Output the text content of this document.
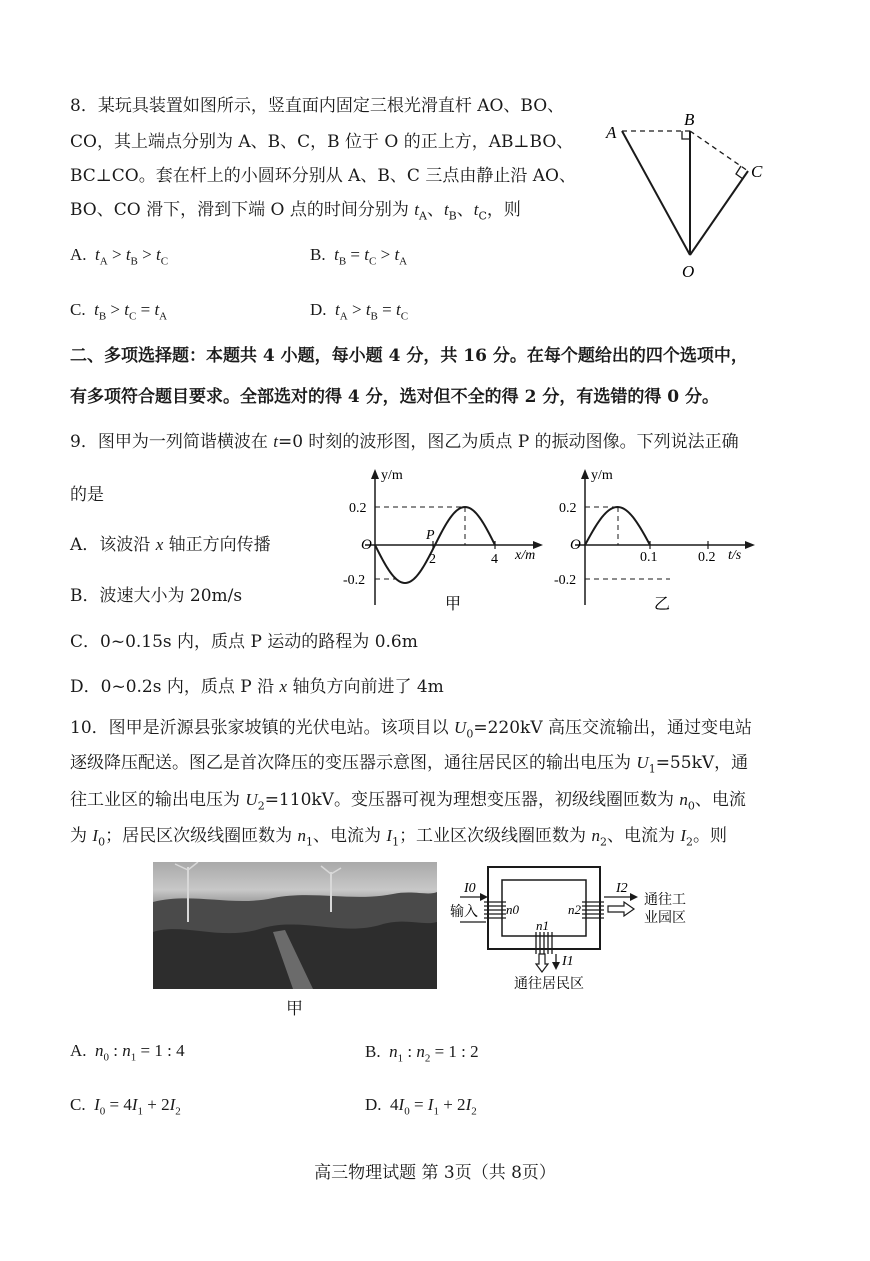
8．某玩具装置如图所示，竖直面内固定三根光滑直杆 AO、BO、
CO，其上端点分别为 A、B、C，B 位于 O 的正上方，AB⊥BO、
BC⊥CO。套在杆上的小圆环分别从 A、B、C 三点由静止沿 AO、
BO、CO 滑下，滑到下端 O 点的时间分别为 $t_A$、$t_B$、$t_C$，则
A.  $t_A > t_B > t_C$	B.  $t_B = t_C > t_A$
C.  $t_B > t_C = t_A$	D.  $t_A > t_B = t_C$
A
B
C
O
二、多项选择题：本题共 4 小题，每小题 4 分，共 16 分。在每个题给出的四个选项中，
有多项符合题目要求。全部选对的得 4 分，选对但不全的得 2 分，有选错的得 0 分。
9．图甲为一列简谐横波在 t=0 时刻的波形图，图乙为质点 P 的振动图像。下列说法正确
的是
A．该波沿 x 轴正方向传播
B．波速大小为 20m/s
C．0~0.15s 内，质点 P 运动的路程为 0.6m
D．0~0.2s 内，质点 P 沿 x 轴负方向前进了 4m
y/m
0.2
-0.2
O
2	4 x/m
P
甲
y/m
0.2
-0.2
O
0.1	0.2 t/s
乙
10．图甲是沂源县张家坡镇的光伏电站。该项目以 $U_0=220kV$ 高压交流输出，通过变电站
逐级降压配送。图乙是首次降压的变压器示意图，通往居民区的输出电压为 $U_1=55kV$，通
往工业区的输出电压为 $U_2=110kV$。变压器可视为理想变压器，初级线圈匝数为 $n_0$、电流
为 $I_0$；居民区次级线圈匝数为 $n_1$、电流为 $I_1$；工业区次级线圈匝数为 $n_2$、电流为 $I_2$。则
甲
I0
输入 n0	n2
n1
I1
I2
通往工
业园区
通往居民区
A.  $n_0$ : $n_1 = 1$ : 4	B.  $n_1$ : $n_2 = 1$ : 2
C.  $I_0 = 4I_1 + 2I_2$	D.  $4I_0 = I_1 + 2I_2$
高三物理试题 第 3页（共 8页）
